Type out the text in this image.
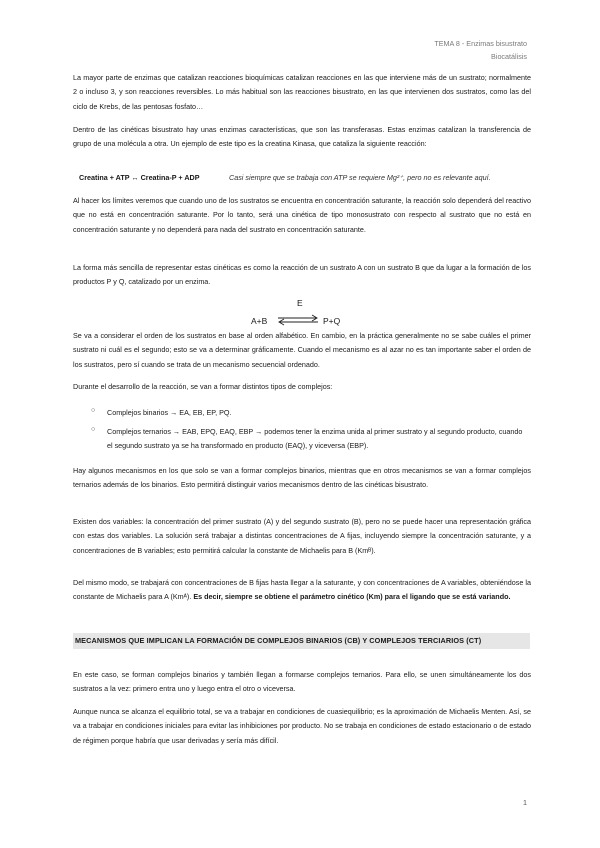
TEMA 8 - Enzimas bisustrato
Biocatálisis

La mayor parte de enzimas que catalizan reacciones bioquímicas catalizan reacciones en las que interviene más de un sustrato; normalmente 2 o incluso 3, y son reacciones reversibles. Lo más habitual son las reacciones bisustrato, en las que intervienen dos sustratos, como las del ciclo de Krebs, de las pentosas fosfato…

Dentro de las cinéticas bisustrato hay unas enzimas características, que son las transferasas. Estas enzimas catalizan la transferencia de grupo de una molécula a otra. Un ejemplo de este tipo es la creatina Kinasa, que cataliza la siguiente reacción:

Creatina + ATP ↔ Creatina-P + ADP	Casi siempre que se trabaja con ATP se requiere Mg²⁺, pero no es relevante aquí.

Al hacer los límites veremos que cuando uno de los sustratos se encuentra en concentración saturante, la reacción solo dependerá del reactivo que no está en concentración saturante. Por lo tanto, será una cinética de tipo monosustrato con respecto al sustrato que no está en concentración saturante y no dependerá para nada del sustrato en concentración saturante.

La forma más sencilla de representar estas cinéticas es como la reacción de un sustrato A con un sustrato B que da lugar a la formación de los productos P y Q, catalizado por un enzima.

A+B
E
P+Q

Se va a considerar el orden de los sustratos en base al orden alfabético. En cambio, en la práctica generalmente no se sabe cuáles el primer sustrato ni cuál es el segundo; esto se va a determinar gráficamente. Cuando el mecanismo es al azar no es tan importante saber el orden de los sustratos, pero sí cuando se trata de un mecanismo secuencial ordenado.

Durante el desarrollo de la reacción, se van a formar distintos tipos de complejos:

○ Complejos binarios → EA, EB, EP, PQ.
○ Complejos ternarios → EAB, EPQ, EAQ, EBP → podemos tener la enzima unida al primer sustrato y al segundo producto, cuando el segundo sustrato ya se ha transformado en producto (EAQ), y viceversa (EBP).

Hay algunos mecanismos en los que solo se van a formar complejos binarios, mientras que en otros mecanismos se van a formar complejos ternarios además de los binarios. Esto permitirá distinguir varios mecanismos dentro de las cinéticas bisustrato.

Existen dos variables: la concentración del primer sustrato (A) y del segundo sustrato (B), pero no se puede hacer una representación gráfica con estas dos variables. La solución será trabajar a distintas concentraciones de A fijas, incluyendo siempre la concentración saturante, y a concentraciones de B variables; esto permitirá calcular la constante de Michaelis para B (Kmᴮ).

Del mismo modo, se trabajará con concentraciones de B fijas hasta llegar a la saturante, y con concentraciones de A variables, obteniéndose la constante de Michaelis para A (Kmᴬ). Es decir, siempre se obtiene el parámetro cinético (Km) para el ligando que se está variando.

MECANISMOS QUE IMPLICAN LA FORMACIÓN DE COMPLEJOS BINARIOS (CB) Y COMPLEJOS TERCIARIOS (CT)

En este caso, se forman complejos binarios y también llegan a formarse complejos ternarios. Para ello, se unen simultáneamente los dos sustratos a la vez: primero entra uno y luego entra el otro o viceversa.

Aunque nunca se alcanza el equilibrio total, se va a trabajar en condiciones de cuasiequilibrio; es la aproximación de Michaelis Menten. Así, se va a trabajar en condiciones iniciales para evitar las inhibiciones por producto. No se trabaja en condiciones de estado estacionario o de estado de régimen porque habría que usar derivadas y sería más difícil.

1
